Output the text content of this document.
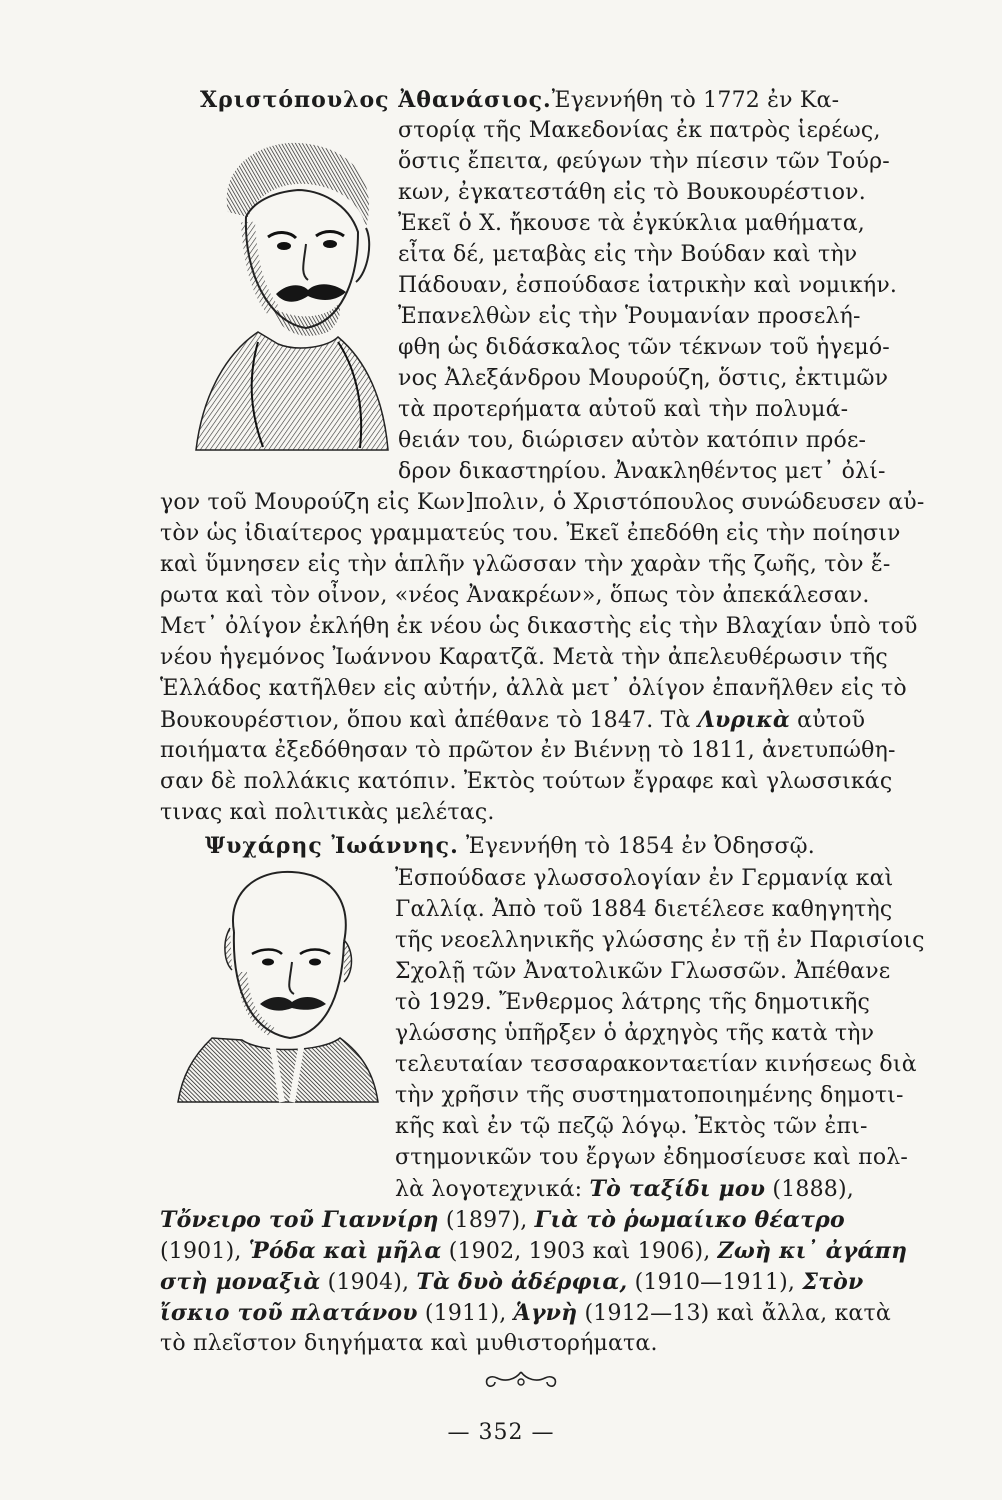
Χριστόπουλος Ἀθανάσιος.Ἐγεννήθη τὸ 1772 ἐν Κα-
στορίᾳ τῆς Μακεδονίας ἐκ πατρὸς ἱερέως,
ὅστις ἔπειτα, φεύγων τὴν πίεσιν τῶν Τούρ-
κων, ἐγκατεστάθη εἰς τὸ Βουκουρέστιον.
Ἐκεῖ ὁ Χ. ἤκουσε τὰ ἐγκύκλια μαθήματα,
εἶτα δέ, μεταβὰς εἰς τὴν Βούδαν καὶ τὴν
Πάδουαν, ἐσπούδασε ἰατρικὴν καὶ νομικήν.
Ἐπανελθὼν εἰς τὴν Ῥουμανίαν προσελή-
φθη ὡς διδάσκαλος τῶν τέκνων τοῦ ἡγεμό-
νος Ἀλεξάνδρου Μουρούζη, ὅστις, ἐκτιμῶν
τὰ προτερήματα αὐτοῦ καὶ τὴν πολυμά-
θειάν του, διώρισεν αὐτὸν κατόπιν πρόε-
δρον δικαστηρίου. Ἀνακληθέντος μετ᾽ ὀλί-
γον τοῦ Μουρούζη εἰς Κων]πολιν, ὁ Χριστόπουλος συνώδευσεν αὐ-
τὸν ὡς ἰδιαίτερος γραμματεύς του. Ἐκεῖ ἐπεδόθη εἰς τὴν ποίησιν
καὶ ὕμνησεν εἰς τὴν ἁπλῆν γλῶσσαν τὴν χαρὰν τῆς ζωῆς, τὸν ἔ-
ρωτα καὶ τὸν οἶνον, «νέος Ἀνακρέων», ὅπως τὸν ἀπεκάλεσαν.
Μετ᾽ ὀλίγον ἐκλήθη ἐκ νέου ὡς δικαστὴς εἰς τὴν Βλαχίαν ὑπὸ τοῦ
νέου ἡγεμόνος Ἰωάννου Καρατζᾶ. Μετὰ τὴν ἀπελευθέρωσιν τῆς
Ἑλλάδος κατῆλθεν εἰς αὐτήν, ἀλλὰ μετ᾽ ὀλίγον ἐπανῆλθεν εἰς τὸ
Βουκουρέστιον, ὅπου καὶ ἀπέθανε τὸ 1847. Τὰ Λυρικὰ αὐτοῦ
ποιήματα ἐξεδόθησαν τὸ πρῶτον ἐν Βιέννῃ τὸ 1811, ἀνετυπώθη-
σαν δὲ πολλάκις κατόπιν. Ἐκτὸς τούτων ἔγραφε καὶ γλωσσικάς
τινας καὶ πολιτικὰς μελέτας.
Ψυχάρης Ἰωάννης. Ἐγεννήθη τὸ 1854 ἐν Ὀδησσῷ.
Ἐσπούδασε γλωσσολογίαν ἐν Γερμανίᾳ καὶ
Γαλλίᾳ. Ἀπὸ τοῦ 1884 διετέλεσε καθηγητὴς
τῆς νεοελληνικῆς γλώσσης ἐν τῇ ἐν Παρισίοις
Σχολῇ τῶν Ἀνατολικῶν Γλωσσῶν. Ἀπέθανε
τὸ 1929. Ἔνθερμος λάτρης τῆς δημοτικῆς
γλώσσης ὑπῆρξεν ὁ ἀρχηγὸς τῆς κατὰ τὴν
τελευταίαν τεσσαρακονταετίαν κινήσεως διὰ
τὴν χρῆσιν τῆς συστηματοποιημένης δημοτι-
κῆς καὶ ἐν τῷ πεζῷ λόγῳ. Ἐκτὸς τῶν ἐπι-
στημονικῶν του ἔργων ἐδημοσίευσε καὶ πολ-
λὰ λογοτεχνικά: Τὸ ταξίδι μου (1888),
Τὄνειρο τοῦ Γιαννίρη (1897), Γιὰ τὸ ῥωμαίικο θέατρο
(1901), Ῥόδα καὶ μῆλα (1902, 1903 καὶ 1906), Ζωὴ κι᾽ ἀγάπη
στὴ μοναξιὰ (1904), Τὰ δυὸ ἀδέρφια, (1910—1911), Στὸν
ἴσκιο τοῦ πλατάνου (1911), Ἁγνὴ (1912—13) καὶ ἄλλα, κατὰ
τὸ πλεῖστον διηγήματα καὶ μυθιστορήματα.
— 352 —
